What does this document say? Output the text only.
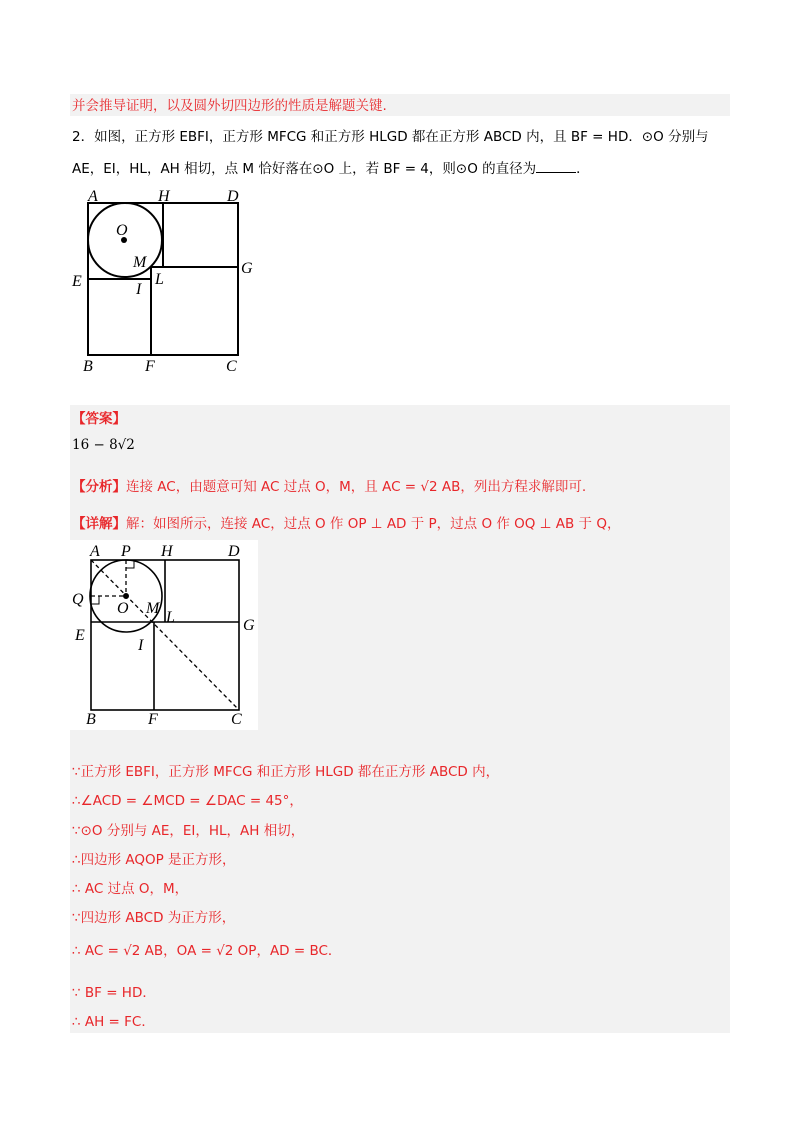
并会推导证明，以及圆外切四边形的性质是解题关键.
2．如图，正方形 EBFI，正方形 MFCG 和正方形 HLGD 都在正方形 ABCD 内，且 BF = HD．⊙O 分别与
AE，EI，HL，AH 相切，点 M 恰好落在⊙O 上，若 BF = 4，则⊙O 的直径为	．
A	H	D
O
M
E	I
L
G
B	F	C
【答案】
16 − 8√2
【分析】连接 AC，由题意可知 AC 过点 O，M，且 AC = √2 AB，列出方程求解即可.
【详解】解：如图所示，连接 AC，过点 O 作 OP ⊥ AD 于 P，过点 O 作 OQ ⊥ AB 于 Q，
A P H	D
Q
O M
L
E
G
I
B	F	C
∵正方形 EBFI，正方形 MFCG 和正方形 HLGD 都在正方形 ABCD 内，
∴∠ACD = ∠MCD = ∠DAC = 45°，
∵⊙O 分别与 AE，EI，HL，AH 相切，
∴四边形 AQOP 是正方形，
∴ AC 过点 O，M，
∵四边形 ABCD 为正方形，
∴ AC = √2 AB，OA = √2 OP，AD = BC．
∵ BF = HD．
∴ AH = FC．
